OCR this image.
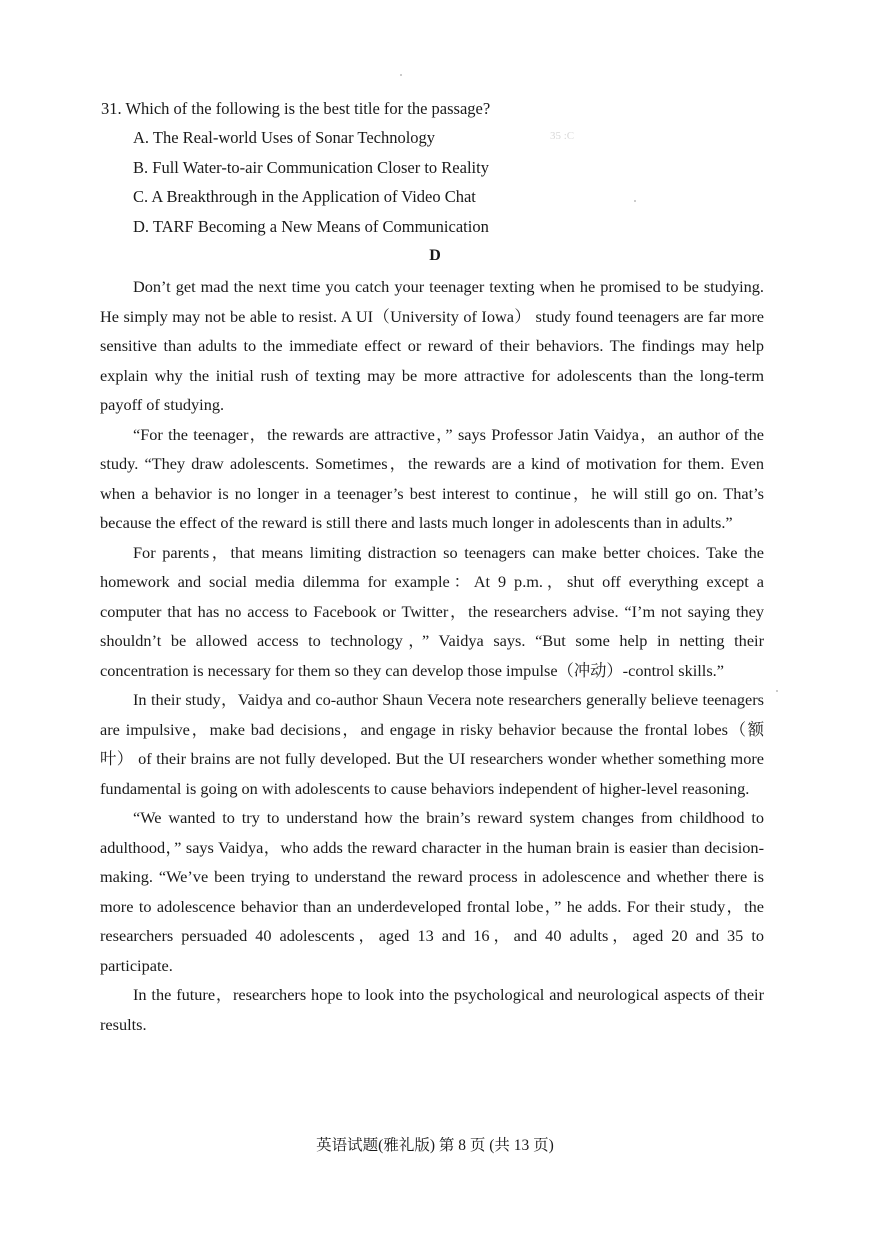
31. Which of the following is the best title for the passage?
A. The Real-world Uses of Sonar Technology
B. Full Water-to-air Communication Closer to Reality
C. A Breakthrough in the Application of Video Chat
D. TARF Becoming a New Means of Communication
35 :C
D

Don’t get mad the next time you catch your teenager texting when he promised to be studying. He simply may not be able to resist. A UI（University of Iowa） study found teenagers are far more sensitive than adults to the immediate effect or reward of their behaviors. The findings may help explain why the initial rush of texting may be more attractive for adolescents than the long-term payoff of studying.

“For the teenager，the rewards are attractive，” says Professor Jatin Vaidya，an author of the study. “They draw adolescents. Sometimes，the rewards are a kind of motivation for them. Even when a behavior is no longer in a teenager’s best interest to continue，he will still go on. That’s because the effect of the reward is still there and lasts much longer in adolescents than in adults.”

For parents，that means limiting distraction so teenagers can make better choices. Take the homework and social media dilemma for example：At 9 p.m.，shut off everything except a computer that has no access to Facebook or Twitter，the researchers advise. “I’m not saying they shouldn’t be allowed access to technology，” Vaidya says. “But some help in netting their concentration is necessary for them so they can develop those impulse（冲动）-control skills.”

In their study，Vaidya and co-author Shaun Vecera note researchers generally believe teenagers are impulsive，make bad decisions，and engage in risky behavior because the frontal lobes（额叶） of their brains are not fully developed. But the UI researchers wonder whether something more fundamental is going on with adolescents to cause behaviors independent of higher-level reasoning.

“We wanted to try to understand how the brain’s reward system changes from childhood to adulthood，” says Vaidya，who adds the reward character in the human brain is easier than decision-making. “We’ve been trying to understand the reward process in adolescence and whether there is more to adolescence behavior than an underdeveloped frontal lobe，” he adds. For their study，the researchers persuaded 40 adolescents，aged 13 and 16，and 40 adults，aged 20 and 35 to participate.

In the future，researchers hope to look into the psychological and neurological aspects of their results.

英语试题(雅礼版) 第 8 页 (共 13 页)
